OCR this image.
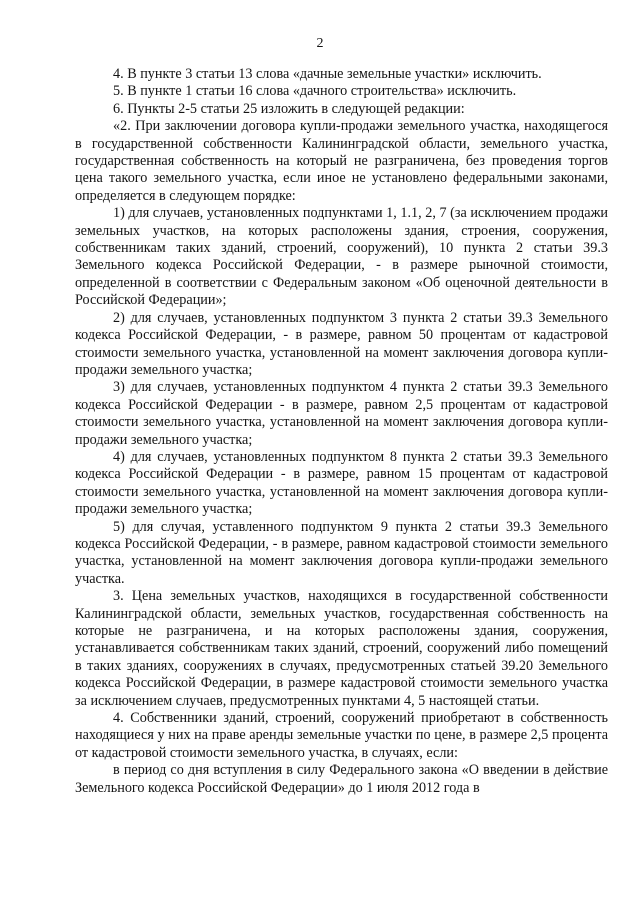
2

4. В пункте 3 статьи 13 слова «дачные земельные участки» исключить.

5. В пункте 1 статьи 16 слова «дачного строительства» исключить.

6. Пункты 2-5 статьи 25 изложить в следующей редакции:

«2. При заключении договора купли-продажи земельного участка, находящегося в государственной собственности Калининградской области, земельного участка, государственная собственность на который не разграничена, без проведения торгов цена такого земельного участка, если иное не установлено федеральными законами, определяется в следующем порядке:

1) для случаев, установленных подпунктами 1, 1.1, 2, 7 (за исключением продажи земельных участков, на которых расположены здания, строения, сооружения, собственникам таких зданий, строений, сооружений), 10 пункта 2 статьи 39.3 Земельного кодекса Российской Федерации, - в размере рыночной стоимости, определенной в соответствии с Федеральным законом «Об оценочной деятельности в Российской Федерации»;

2) для случаев, установленных подпунктом 3 пункта 2 статьи 39.3 Земельного кодекса Российской Федерации, - в размере, равном 50 процентам от кадастровой стоимости земельного участка, установленной на момент заключения договора купли-продажи земельного участка;

3) для случаев, установленных подпунктом 4 пункта 2 статьи 39.3 Земельного кодекса Российской Федерации - в размере, равном 2,5 процентам от кадастровой стоимости земельного участка, установленной на момент заключения договора купли-продажи земельного участка;

4) для случаев, установленных подпунктом 8 пункта 2 статьи 39.3 Земельного кодекса Российской Федерации - в размере, равном 15 процентам от кадастровой стоимости земельного участка, установленной на момент заключения договора купли-продажи земельного участка;

5) для случая, уставленного подпунктом 9 пункта 2 статьи 39.3 Земельного кодекса Российской Федерации, - в размере, равном кадастровой стоимости земельного участка, установленной на момент заключения договора купли-продажи земельного участка.

3. Цена земельных участков, находящихся в государственной собственности Калининградской области, земельных участков, государственная собственность на которые не разграничена, и на которых расположены здания, сооружения, устанавливается собственникам таких зданий, строений, сооружений либо помещений в таких зданиях, сооружениях в случаях, предусмотренных статьей 39.20 Земельного кодекса Российской Федерации, в размере кадастровой стоимости земельного участка за исключением случаев, предусмотренных пунктами 4, 5 настоящей статьи.

4. Собственники зданий, строений, сооружений приобретают в собственность находящиеся у них на праве аренды земельные участки по цене, в размере 2,5 процента от кадастровой стоимости земельного участка, в случаях, если:

в период со дня вступления в силу Федерального закона «О введении в действие Земельного кодекса Российской Федерации» до 1 июля 2012 года в
